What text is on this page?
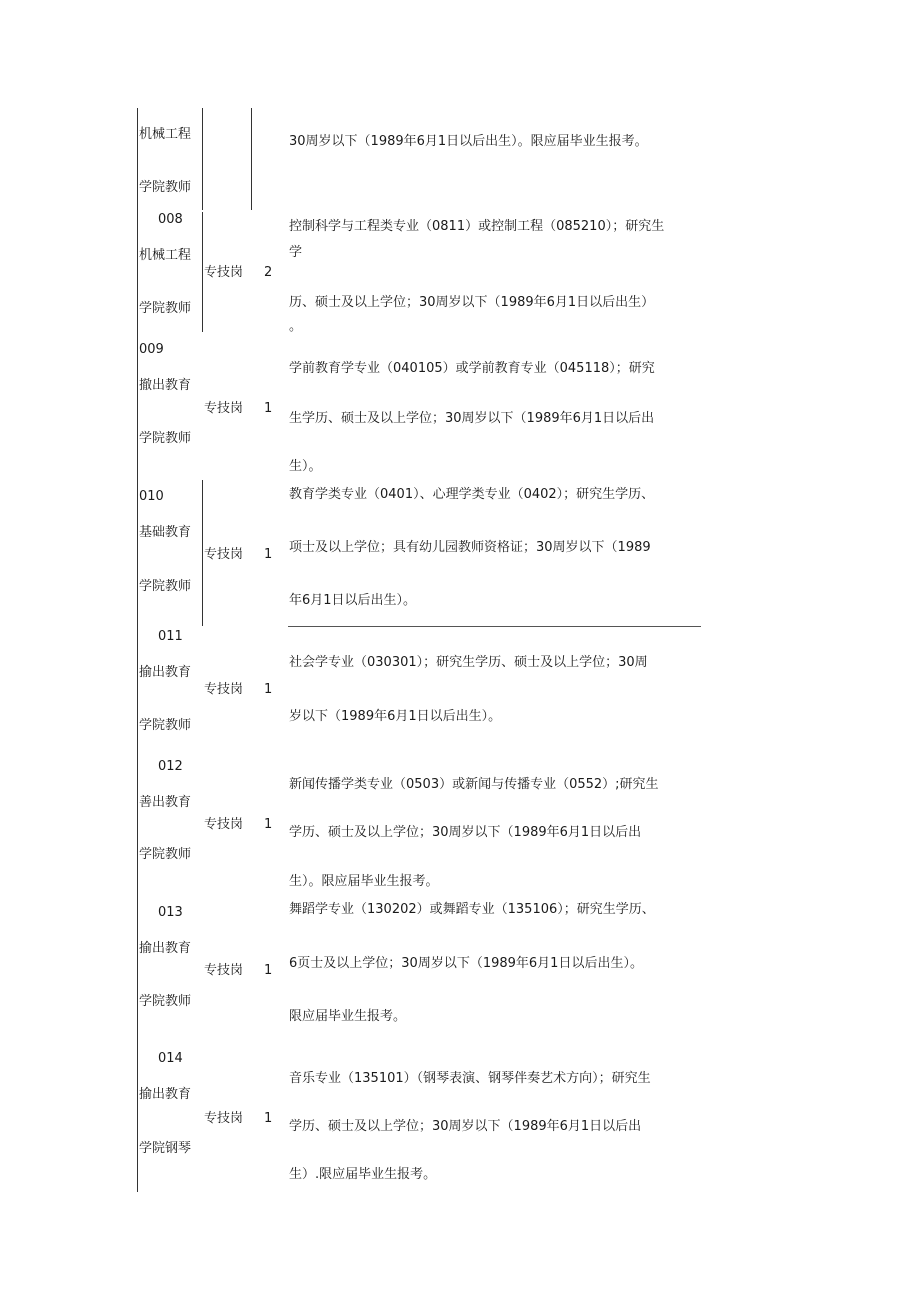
机械工程
学院教师
30周岁以下（1989年6月1日以后出生）。限应届毕业生报考。
008
机械工程
学院教师
专技岗 2
控制科学与工程类专业（0811）或控制工程（085210）；研究生
学
历、硕士及以上学位；30周岁以下（1989年6月1日以后出生）
。
009
撤出教育
学院教师
专技岗 1
学前教育学专业（040105）或学前教育专业（045118）；研究
生学历、硕士及以上学位；30周岁以下（1989年6月1日以后出
生）。
010
基础教育
学院教师
专技岗 1
教育学类专业（0401）、心理学类专业（0402）；研究生学历、
项士及以上学位；具有幼儿园教师资格证；30周岁以下（1989
年6月1日以后出生）。
011
揄出教育
学院教师
专技岗 1
社会学专业（030301）；研究生学历、硕士及以上学位；30周
岁以下（1989年6月1日以后出生）。
012
善出教育
学院教师
专技岗 1
新闻传播学类专业（0503）或新闻与传播专业（0552）;研究生
学历、硕士及以上学位；30周岁以下（1989年6月1日以后出
生）。限应届毕业生报考。
013
揄出教育
学院教师
专技岗 1
舞蹈学专业（130202）或舞蹈专业（135106）；研究生学历、
6页士及以上学位；30周岁以下（1989年6月1日以后出生）。
限应届毕业生报考。
014
揄出教育
学院钢琴
专技岗 1
音乐专业（135101）（钢琴表演、钢琴伴奏艺术方向）；研究生
学历、硕士及以上学位；30周岁以下（1989年6月1日以后出
生）.限应届毕业生报考。
